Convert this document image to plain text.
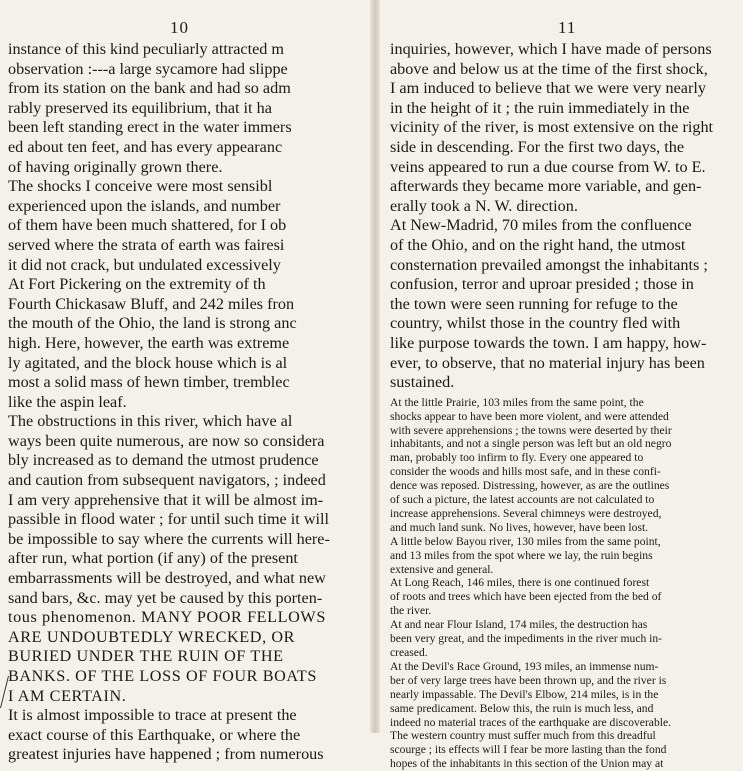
10
instance of this kind peculiarly attracted m
observation :---a large sycamore had slippe
from its station on the bank and had so adm
rably preserved its equilibrium, that it ha
been left standing erect in the water immers
ed about ten feet, and has every appearanc
of having originally grown there.
The shocks I conceive were most sensibl
experienced upon the islands, and number
of them have been much shattered, for I ob
served where the strata of earth was fairesi
it did not crack, but undulated excessively
At Fort Pickering on the extremity of th
Fourth Chickasaw Bluff, and 242 miles fron
the mouth of the Ohio, the land is strong anc
high. Here, however, the earth was extreme
ly agitated, and the block house which is al
most a solid mass of hewn timber, tremblec
like the aspin leaf.
The obstructions in this river, which have al
ways been quite numerous, are now so considera
bly increased as to demand the utmost prudence
and caution from subsequent navigators, ; indeed
I am very apprehensive that it will be almost im-
passible in flood water ; for until such time it will
be impossible to say where the currents will here-
after run, what portion (if any) of the present
embarrassments will be destroyed, and what new
sand bars, &c. may yet be caused by this porten-
tous phenomenon. MANY POOR FELLOWS
ARE UNDOUBTEDLY WRECKED, OR
BURIED UNDER THE RUIN OF THE
BANKS. OF THE LOSS OF FOUR BOATS
I AM CERTAIN.
It is almost impossible to trace at present the
exact course of this Earthquake, or where the
greatest injuries have happened ; from numerous
11
inquiries, however, which I have made of persons
above and below us at the time of the first shock,
I am induced to believe that we were very nearly
in the height of it ; the ruin immediately in the
vicinity of the river, is most extensive on the right
side in descending. For the first two days, the
veins appeared to run a due course from W. to E.
afterwards they became more variable, and gen-
erally took a N. W. direction.
At New-Madrid, 70 miles from the confluence
of the Ohio, and on the right hand, the utmost
consternation prevailed amongst the inhabitants ;
confusion, terror and uproar presided ; those in
the town were seen running for refuge to the
country, whilst those in the country fled with
like purpose towards the town. I am happy, how-
ever, to observe, that no material injury has been
sustained.
At the little Prairie, 103 miles from the same point, the
shocks appear to have been more violent, and were attended
with severe apprehensions ; the towns were deserted by their
inhabitants, and not a single person was left but an old negro
man, probably too infirm to fly. Every one appeared to
consider the woods and hills most safe, and in these confi-
dence was reposed. Distressing, however, as are the outlines
of such a picture, the latest accounts are not calculated to
increase apprehensions. Several chimneys were destroyed,
and much land sunk. No lives, however, have been lost.
A little below Bayou river, 130 miles from the same point,
and 13 miles from the spot where we lay, the ruin begins
extensive and general.
At Long Reach, 146 miles, there is one continued forest
of roots and trees which have been ejected from the bed of
the river.
At and near Flour Island, 174 miles, the destruction has
been very great, and the impediments in the river much in-
creased.
At the Devil's Race Ground, 193 miles, an immense num-
ber of very large trees have been thrown up, and the river is
nearly impassable. The Devil's Elbow, 214 miles, is in the
same predicament. Below this, the ruin is much less, and
indeed no material traces of the earthquake are discoverable.
The western country must suffer much from this dreadful
scourge ; its effects will I fear be more lasting than the fond
hopes of the inhabitants in this section of the Union may at
